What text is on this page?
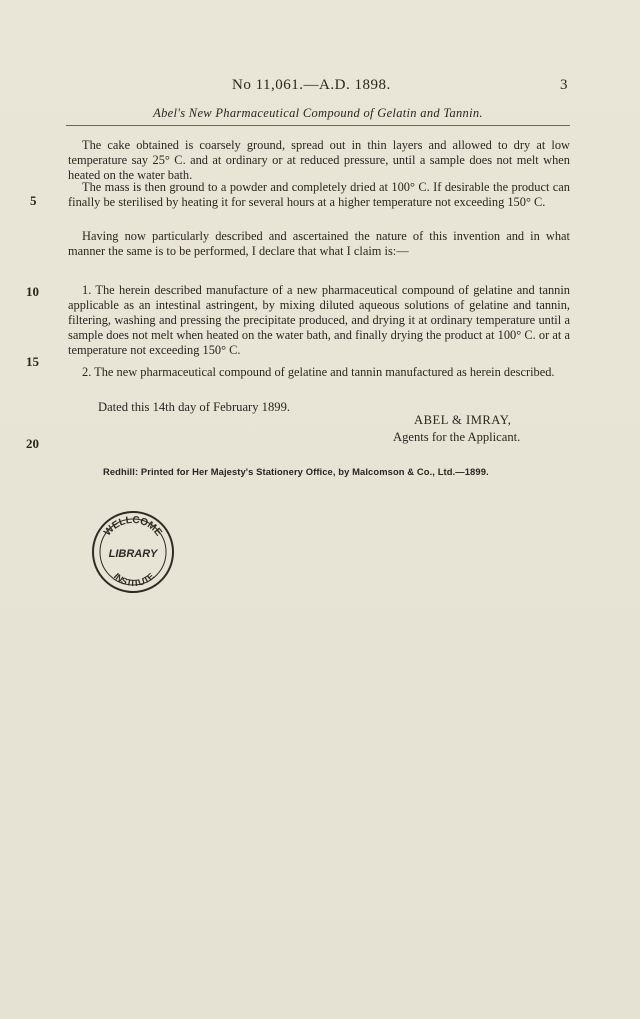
No 11,061.—A.D. 1898.	3
Abel's New Pharmaceutical Compound of Gelatin and Tannin.
The cake obtained is coarsely ground, spread out in thin layers and allowed to dry at low temperature say 25° C. and at ordinary or at reduced pressure, until a sample does not melt when heated on the water bath.
The mass is then ground to a powder and completely dried at 100° C. If desirable the product can finally be sterilised by heating it for several hours at a higher temperature not exceeding 150° C.
Having now particularly described and ascertained the nature of this invention and in what manner the same is to be performed, I declare that what I claim is:—
1. The herein described manufacture of a new pharmaceutical compound of gelatine and tannin applicable as an intestinal astringent, by mixing diluted aqueous solutions of gelatine and tannin, filtering, washing and pressing the precipitate produced, and drying it at ordinary temperature until a sample does not melt when heated on the water bath, and finally drying the product at 100° C. or at a temperature not exceeding 150° C.
2. The new pharmaceutical compound of gelatine and tannin manufactured as herein described.
5
10
15
20
Dated this 14th day of February 1899.
ABEL & IMRAY,
Agents for the Applicant.
Redhill: Printed for Her Majesty's Stationery Office, by Malcomson & Co., Ltd.—1899.
WELLCOME
INSTITUTE
LIBRARY
